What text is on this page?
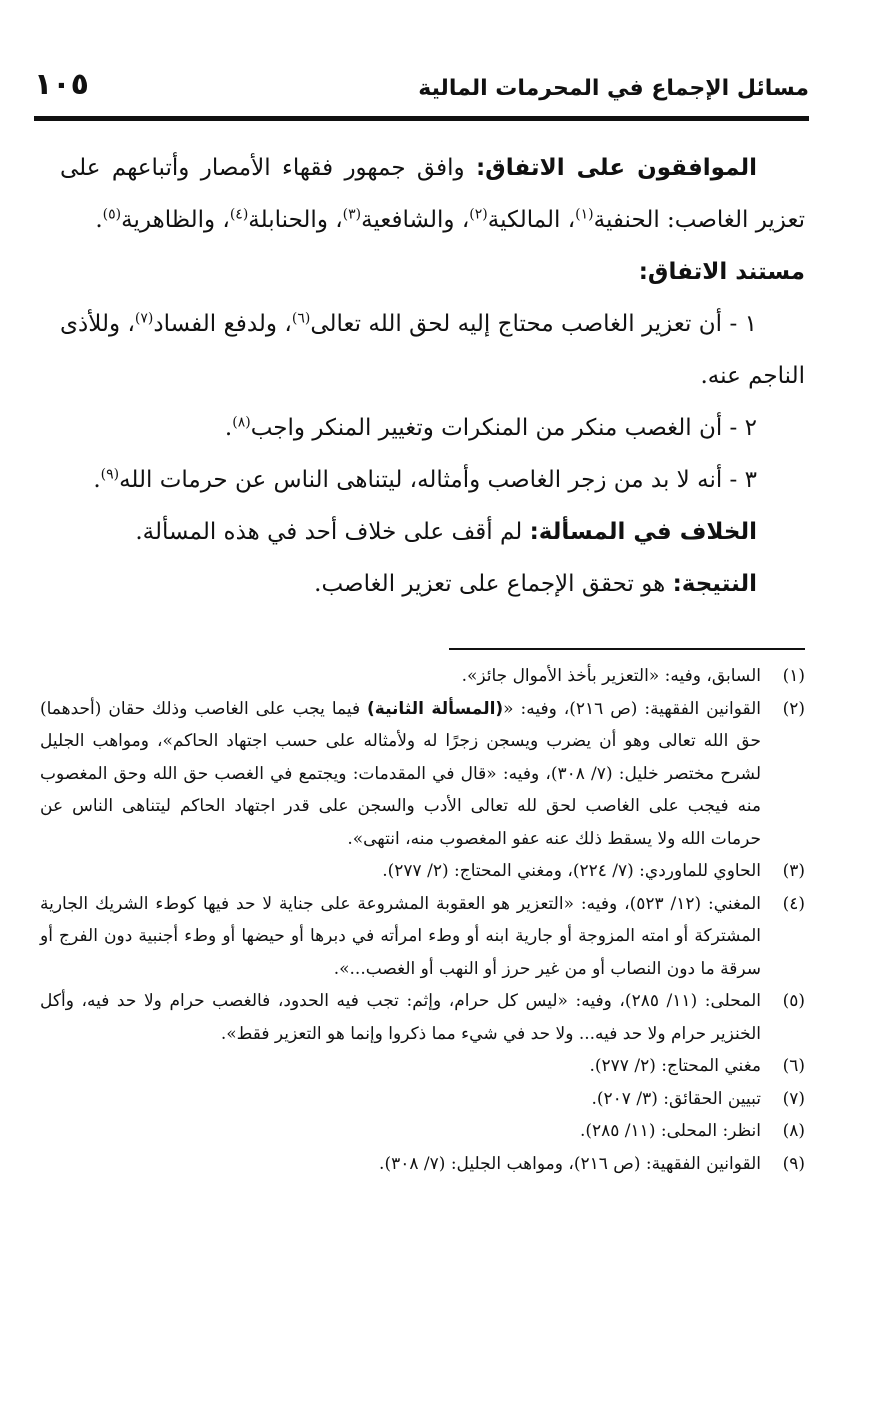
مسائل الإجماع في المحرمات المالية
١٠٥

الموافقون على الاتفاق: وافق جمهور فقهاء الأمصار وأتباعهم على تعزير الغاصب: الحنفية$^{(١)}$، المالكية$^{(٢)}$، والشافعية$^{(٣)}$، والحنابلة$^{(٤)}$، والظاهرية$^{(٥)}$.

مستند الاتفاق:

١ - أن تعزير الغاصب محتاج إليه لحق الله تعالى$^{(٦)}$، ولدفع الفساد$^{(٧)}$، وللأذى الناجم عنه.

٢ - أن الغصب منكر من المنكرات وتغيير المنكر واجب$^{(٨)}$.

٣ - أنه لا بد من زجر الغاصب وأمثاله، ليتناهى الناس عن حرمات الله$^{(٩)}$.

الخلاف في المسألة: لم أقف على خلاف أحد في هذه المسألة.

النتيجة: هو تحقق الإجماع على تعزير الغاصب.

(١)
السابق، وفيه: «التعزير بأخذ الأموال جائز».
(٢)
القوانين الفقهية: (ص ٢١٦)، وفيه: «(المسألة الثانية) فيما يجب على الغاصب وذلك حقان (أحدهما) حق الله تعالى وهو أن يضرب ويسجن زجرًا له ولأمثاله على حسب اجتهاد الحاكم»، ومواهب الجليل لشرح مختصر خليل: (٧/ ٣٠٨)، وفيه: «قال في المقدمات: ويجتمع في الغصب حق الله وحق المغصوب منه فيجب على الغاصب لحق لله تعالى الأدب والسجن على قدر اجتهاد الحاكم ليتناهى الناس عن حرمات الله ولا يسقط ذلك عنه عفو المغصوب منه، انتهى».
(٣)
الحاوي للماوردي: (٧/ ٢٢٤)، ومغني المحتاج: (٢/ ٢٧٧).
(٤)
المغني: (١٢/ ٥٢٣)، وفيه: «التعزير هو العقوبة المشروعة على جناية لا حد فيها كوطء الشريك الجارية المشتركة أو امته المزوجة أو جارية ابنه أو وطء امرأته في دبرها أو حيضها أو وطء أجنبية دون الفرج أو سرقة ما دون النصاب أو من غير حرز أو النهب أو الغصب...».
(٥)
المحلى: (١١/ ٢٨٥)، وفيه: «ليس كل حرام، وإثم: تجب فيه الحدود، فالغصب حرام ولا حد فيه، وأكل الخنزير حرام ولا حد فيه... ولا حد في شيء مما ذكروا وإنما هو التعزير فقط».
(٦)
مغني المحتاج: (٢/ ٢٧٧).
(٧)
تبيين الحقائق: (٣/ ٢٠٧).
(٨)
انظر: المحلى: (١١/ ٢٨٥).
(٩)
القوانين الفقهية: (ص ٢١٦)، ومواهب الجليل: (٧/ ٣٠٨).
